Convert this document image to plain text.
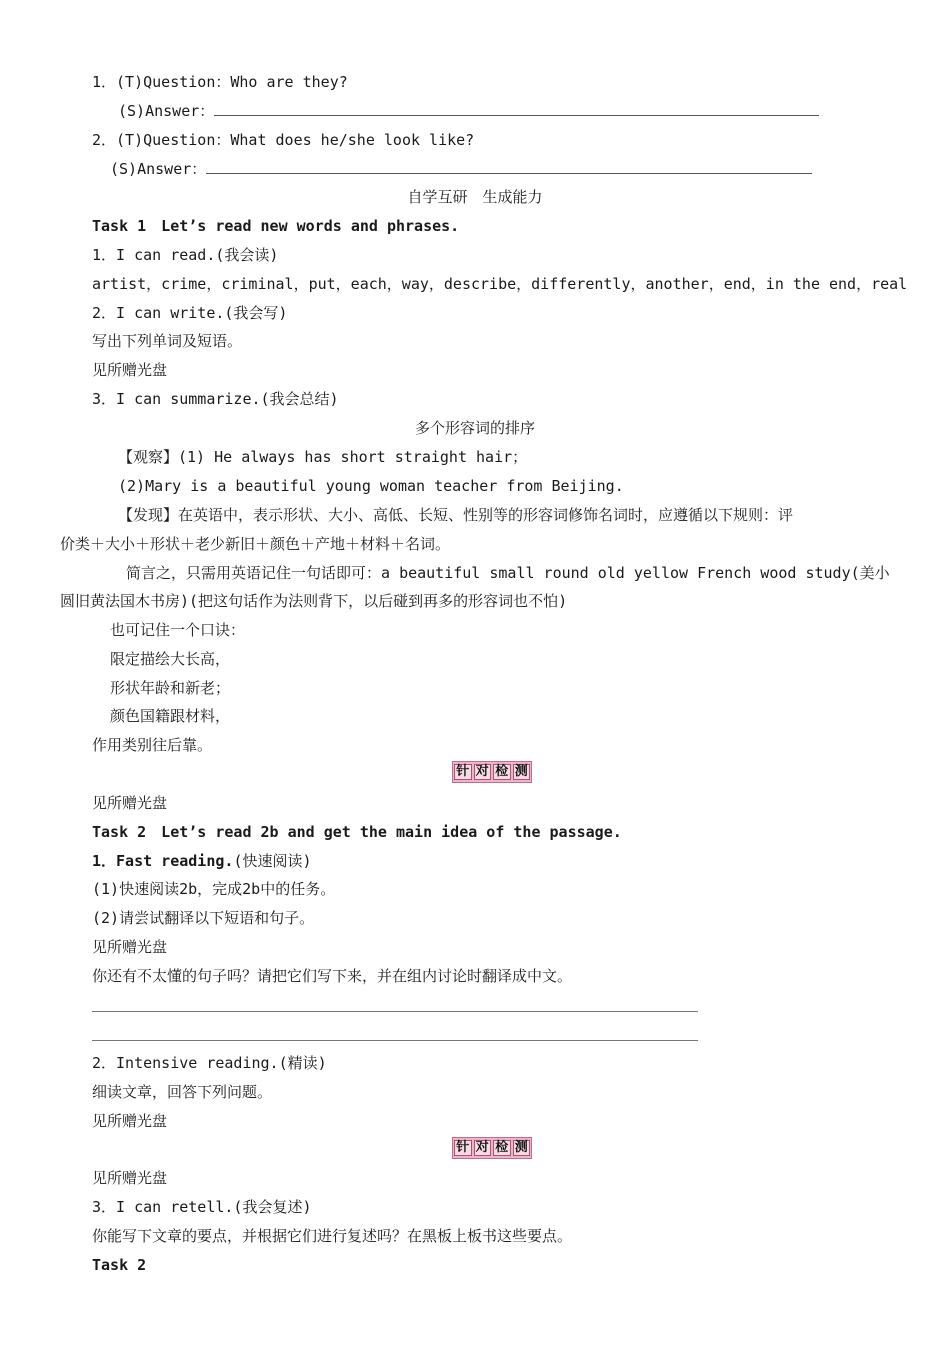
1．(T)Question：Who are they?
(S)Answer：
2．(T)Question：What does he/she look like?
(S)Answer：
自学互研　生成能力
Task 1　Let’s read new words and phrases.
1．I can read.(我会读)
artist，crime，criminal，put，each，way，describe，differently，another，end，in the end，real
2．I can write.(我会写)
写出下列单词及短语。
见所赠光盘
3．I can summarize.(我会总结)
多个形容词的排序
【观察】(1) He always has short straight hair；
(2)Mary is a beautiful young woman teacher from Beijing.
【发现】在英语中，表示形状、大小、高低、长短、性别等的形容词修饰名词时，应遵循以下规则：评
价类＋大小＋形状＋老少新旧＋颜色＋产地＋材料＋名词。
简言之，只需用英语记住一句话即可：a beautiful small round old yellow French wood study(美小
圆旧黄法国木书房)(把这句话作为法则背下，以后碰到再多的形容词也不怕)
也可记住一个口诀：
限定描绘大长高，
形状年龄和新老；
颜色国籍跟材料，
作用类别往后靠。
针 对 检 测
见所赠光盘
Task 2　Let’s read 2b and get the main idea of the passage.
1．Fast reading.(快速阅读)
(1)快速阅读2b，完成2b中的任务。
(2)请尝试翻译以下短语和句子。
见所赠光盘
你还有不太懂的句子吗？请把它们写下来，并在组内讨论时翻译成中文。
2．Intensive reading.(精读)
细读文章，回答下列问题。
见所赠光盘
针 对 检 测
见所赠光盘
3．I can retell.(我会复述)
你能写下文章的要点，并根据它们进行复述吗？在黑板上板书这些要点。
Task 2
